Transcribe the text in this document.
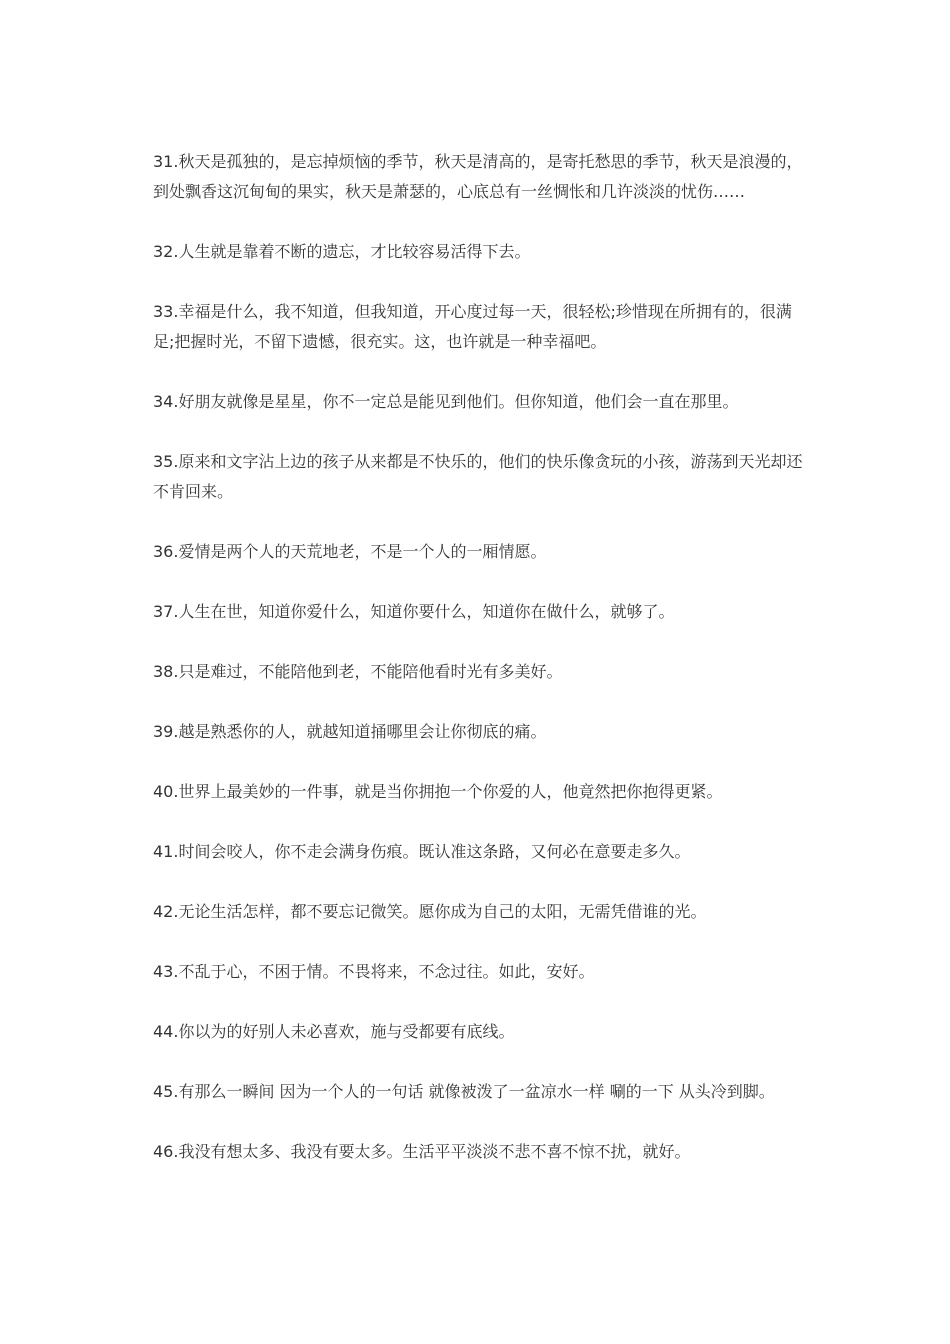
31.秋天是孤独的，是忘掉烦恼的季节，秋天是清高的，是寄托愁思的季节，秋天是浪漫的，到处飘香这沉甸甸的果实，秋天是萧瑟的，心底总有一丝惆怅和几许淡淡的忧伤……

32.人生就是靠着不断的遗忘，才比较容易活得下去。

33.幸福是什么，我不知道，但我知道，开心度过每一天，很轻松;珍惜现在所拥有的，很满足;把握时光，不留下遗憾，很充实。这，也许就是一种幸福吧。

34.好朋友就像是星星，你不一定总是能见到他们。但你知道，他们会一直在那里。

35.原来和文字沾上边的孩子从来都是不快乐的，他们的快乐像贪玩的小孩，游荡到天光却还不肯回来。

36.爱情是两个人的天荒地老，不是一个人的一厢情愿。

37.人生在世，知道你爱什么，知道你要什么，知道你在做什么，就够了。

38.只是难过，不能陪他到老，不能陪他看时光有多美好。

39.越是熟悉你的人，就越知道捅哪里会让你彻底的痛。

40.世界上最美妙的一件事，就是当你拥抱一个你爱的人，他竟然把你抱得更紧。

41.时间会咬人，你不走会满身伤痕。既认准这条路，又何必在意要走多久。

42.无论生活怎样，都不要忘记微笑。愿你成为自己的太阳，无需凭借谁的光。

43.不乱于心，不困于情。不畏将来，不念过往。如此，安好。

44.你以为的好别人未必喜欢，施与受都要有底线。

45.有那么一瞬间 因为一个人的一句话 就像被泼了一盆凉水一样 唰的一下 从头冷到脚。

46.我没有想太多、我没有要太多。生活平平淡淡不悲不喜不惊不扰，就好。
